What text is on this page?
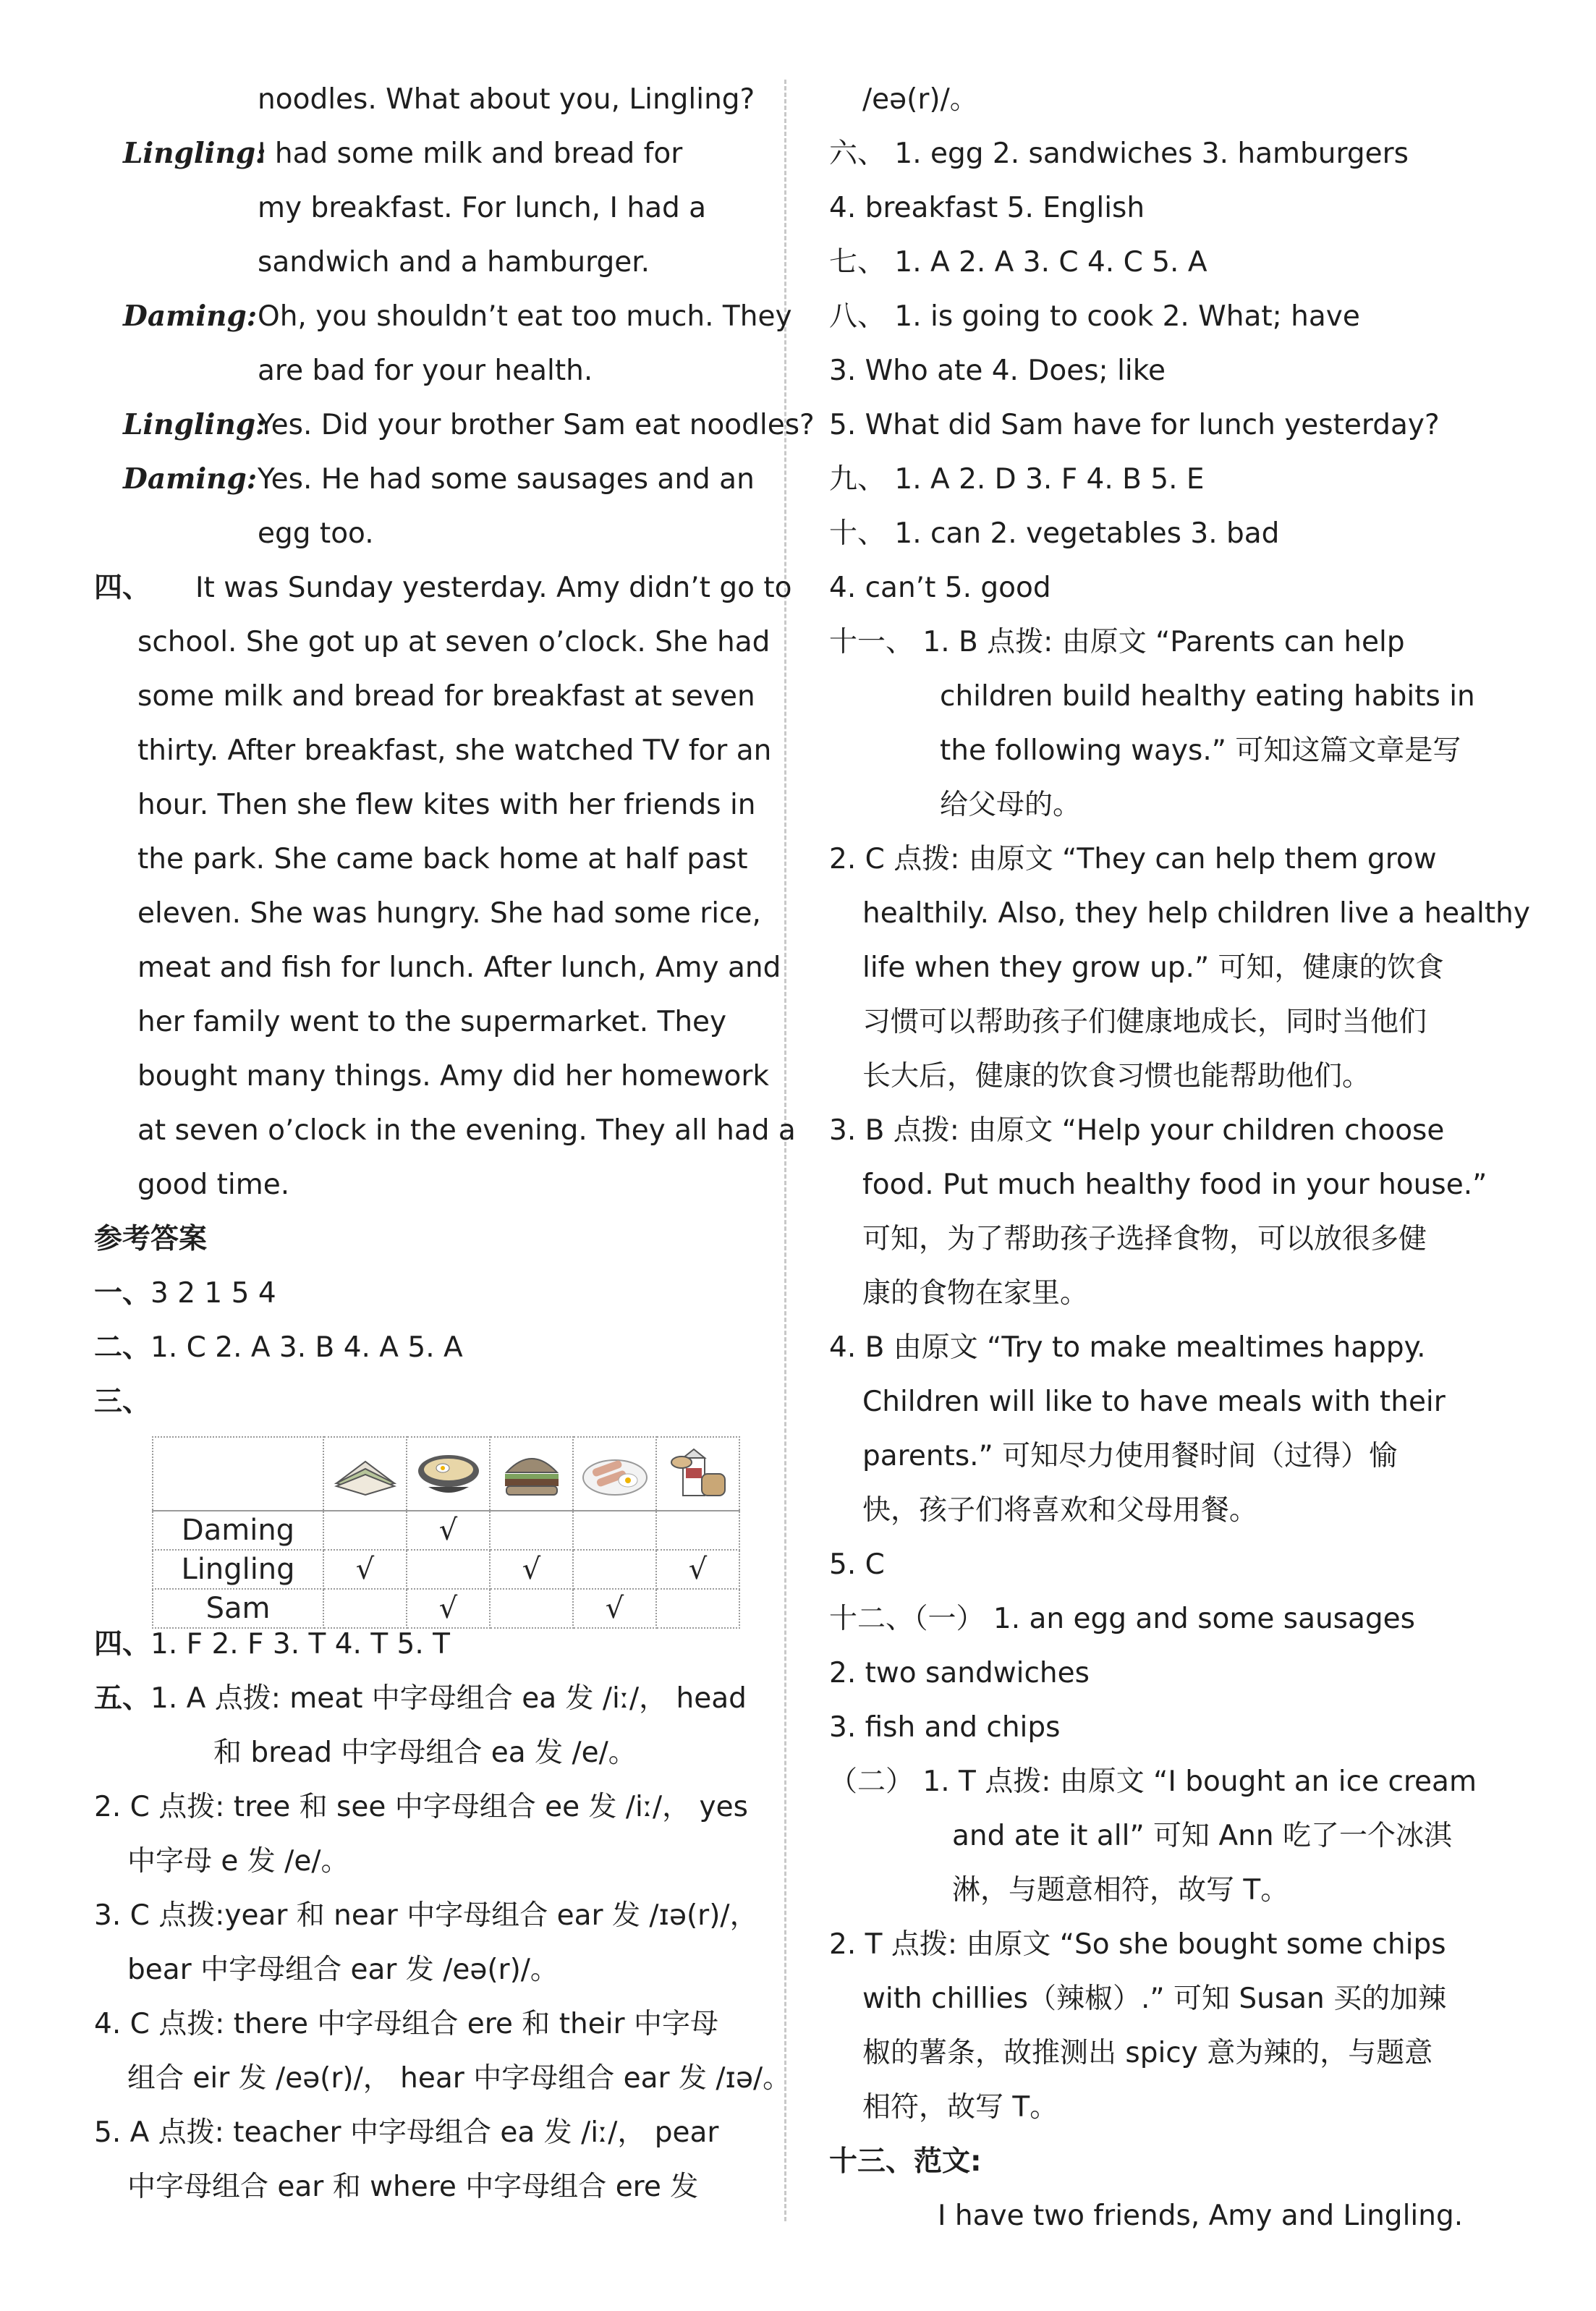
noodles. What about you, Lingling?
Lingling:
I had some milk and bread for
my breakfast. For lunch, I had a
sandwich and a hamburger.
Daming: Oh, you shouldn’t eat too much. They
are bad for your health.
Lingling:
Yes. Did your brother Sam eat noodles?
Daming: Yes. He had some sausages and an
egg too.
四、 It was Sunday yesterday. Amy didn’t go to
school. She got up at seven o’clock. She had
some milk and bread for breakfast at seven
thirty. After breakfast, she watched TV for an
hour. Then she flew kites with her friends in
the park. She came back home at half past
eleven. She was hungry. She had some rice,
meat and fish for lunch. After lunch, Amy and
her family went to the supermarket. They
bought many things. Amy did her homework
at seven o’clock in the evening. They all had a
good time.
参考答案
一、3 2 1 5 4
二、1. C 2. A 3. B 4. A 5. A
三、

Daming		√			
Lingling	√		√		√
Sam		√		√	
四、1. F 2. F 3. T 4. T 5. T
五、1. A 点拨: meat 中字母组合 ea 发 /iː/， head
和 bread 中字母组合 ea 发 /e/。
2. C 点拨: tree 和 see 中字母组合 ee 发 /iː/， yes
中字母 e 发 /e/。
3. C 点拨:year 和 near 中字母组合 ear 发 /ɪə(r)/，
bear 中字母组合 ear 发 /eə(r)/。
4. C 点拨: there 中字母组合 ere 和 their 中字母
组合 eir 发 /eə(r)/， hear 中字母组合 ear 发 /ɪə/。
5. A 点拨: teacher 中字母组合 ea 发 /iː/， pear
中字母组合 ear 和 where 中字母组合 ere 发
/eə(r)/。
六、 1. egg 2. sandwiches 3. hamburgers
4. breakfast 5. English
七、 1. A 2. A 3. C 4. C 5. A
八、 1. is going to cook 2. What; have
3. Who ate 4. Does; like
5. What did Sam have for lunch yesterday?
九、 1. A 2. D 3. F 4. B 5. E
十、 1. can 2. vegetables 3. bad
4. can’t 5. good
十一、 1. B 点拨: 由原文 “Parents can help
children build healthy eating habits in
the following ways.” 可知这篇文章是写
给父母的。
2. C 点拨: 由原文 “They can help them grow
healthily. Also, they help children live a healthy
life when they grow up.” 可知，健康的饮食
习惯可以帮助孩子们健康地成长，同时当他们
长大后，健康的饮食习惯也能帮助他们。
3. B 点拨: 由原文 “Help your children choose
food. Put much healthy food in your house.”
可知，为了帮助孩子选择食物，可以放很多健
康的食物在家里。
4. B 由原文 “Try to make mealtimes happy.
Children will like to have meals with their
parents.” 可知尽力使用餐时间（过得）愉
快，孩子们将喜欢和父母用餐。
5. C
十二、（一） 1. an egg and some sausages
2. two sandwiches
3. fish and chips
（二） 1. T 点拨: 由原文 “I bought an ice cream
and ate it all” 可知 Ann 吃了一个冰淇
淋，与题意相符，故写 T。
2. T 点拨: 由原文 “So she bought some chips
with chillies（辣椒）.” 可知 Susan 买的加辣
椒的薯条，故推测出 spicy 意为辣的，与题意
相符，故写 T。
十三、范文:
I have two friends, Amy and Lingling.
